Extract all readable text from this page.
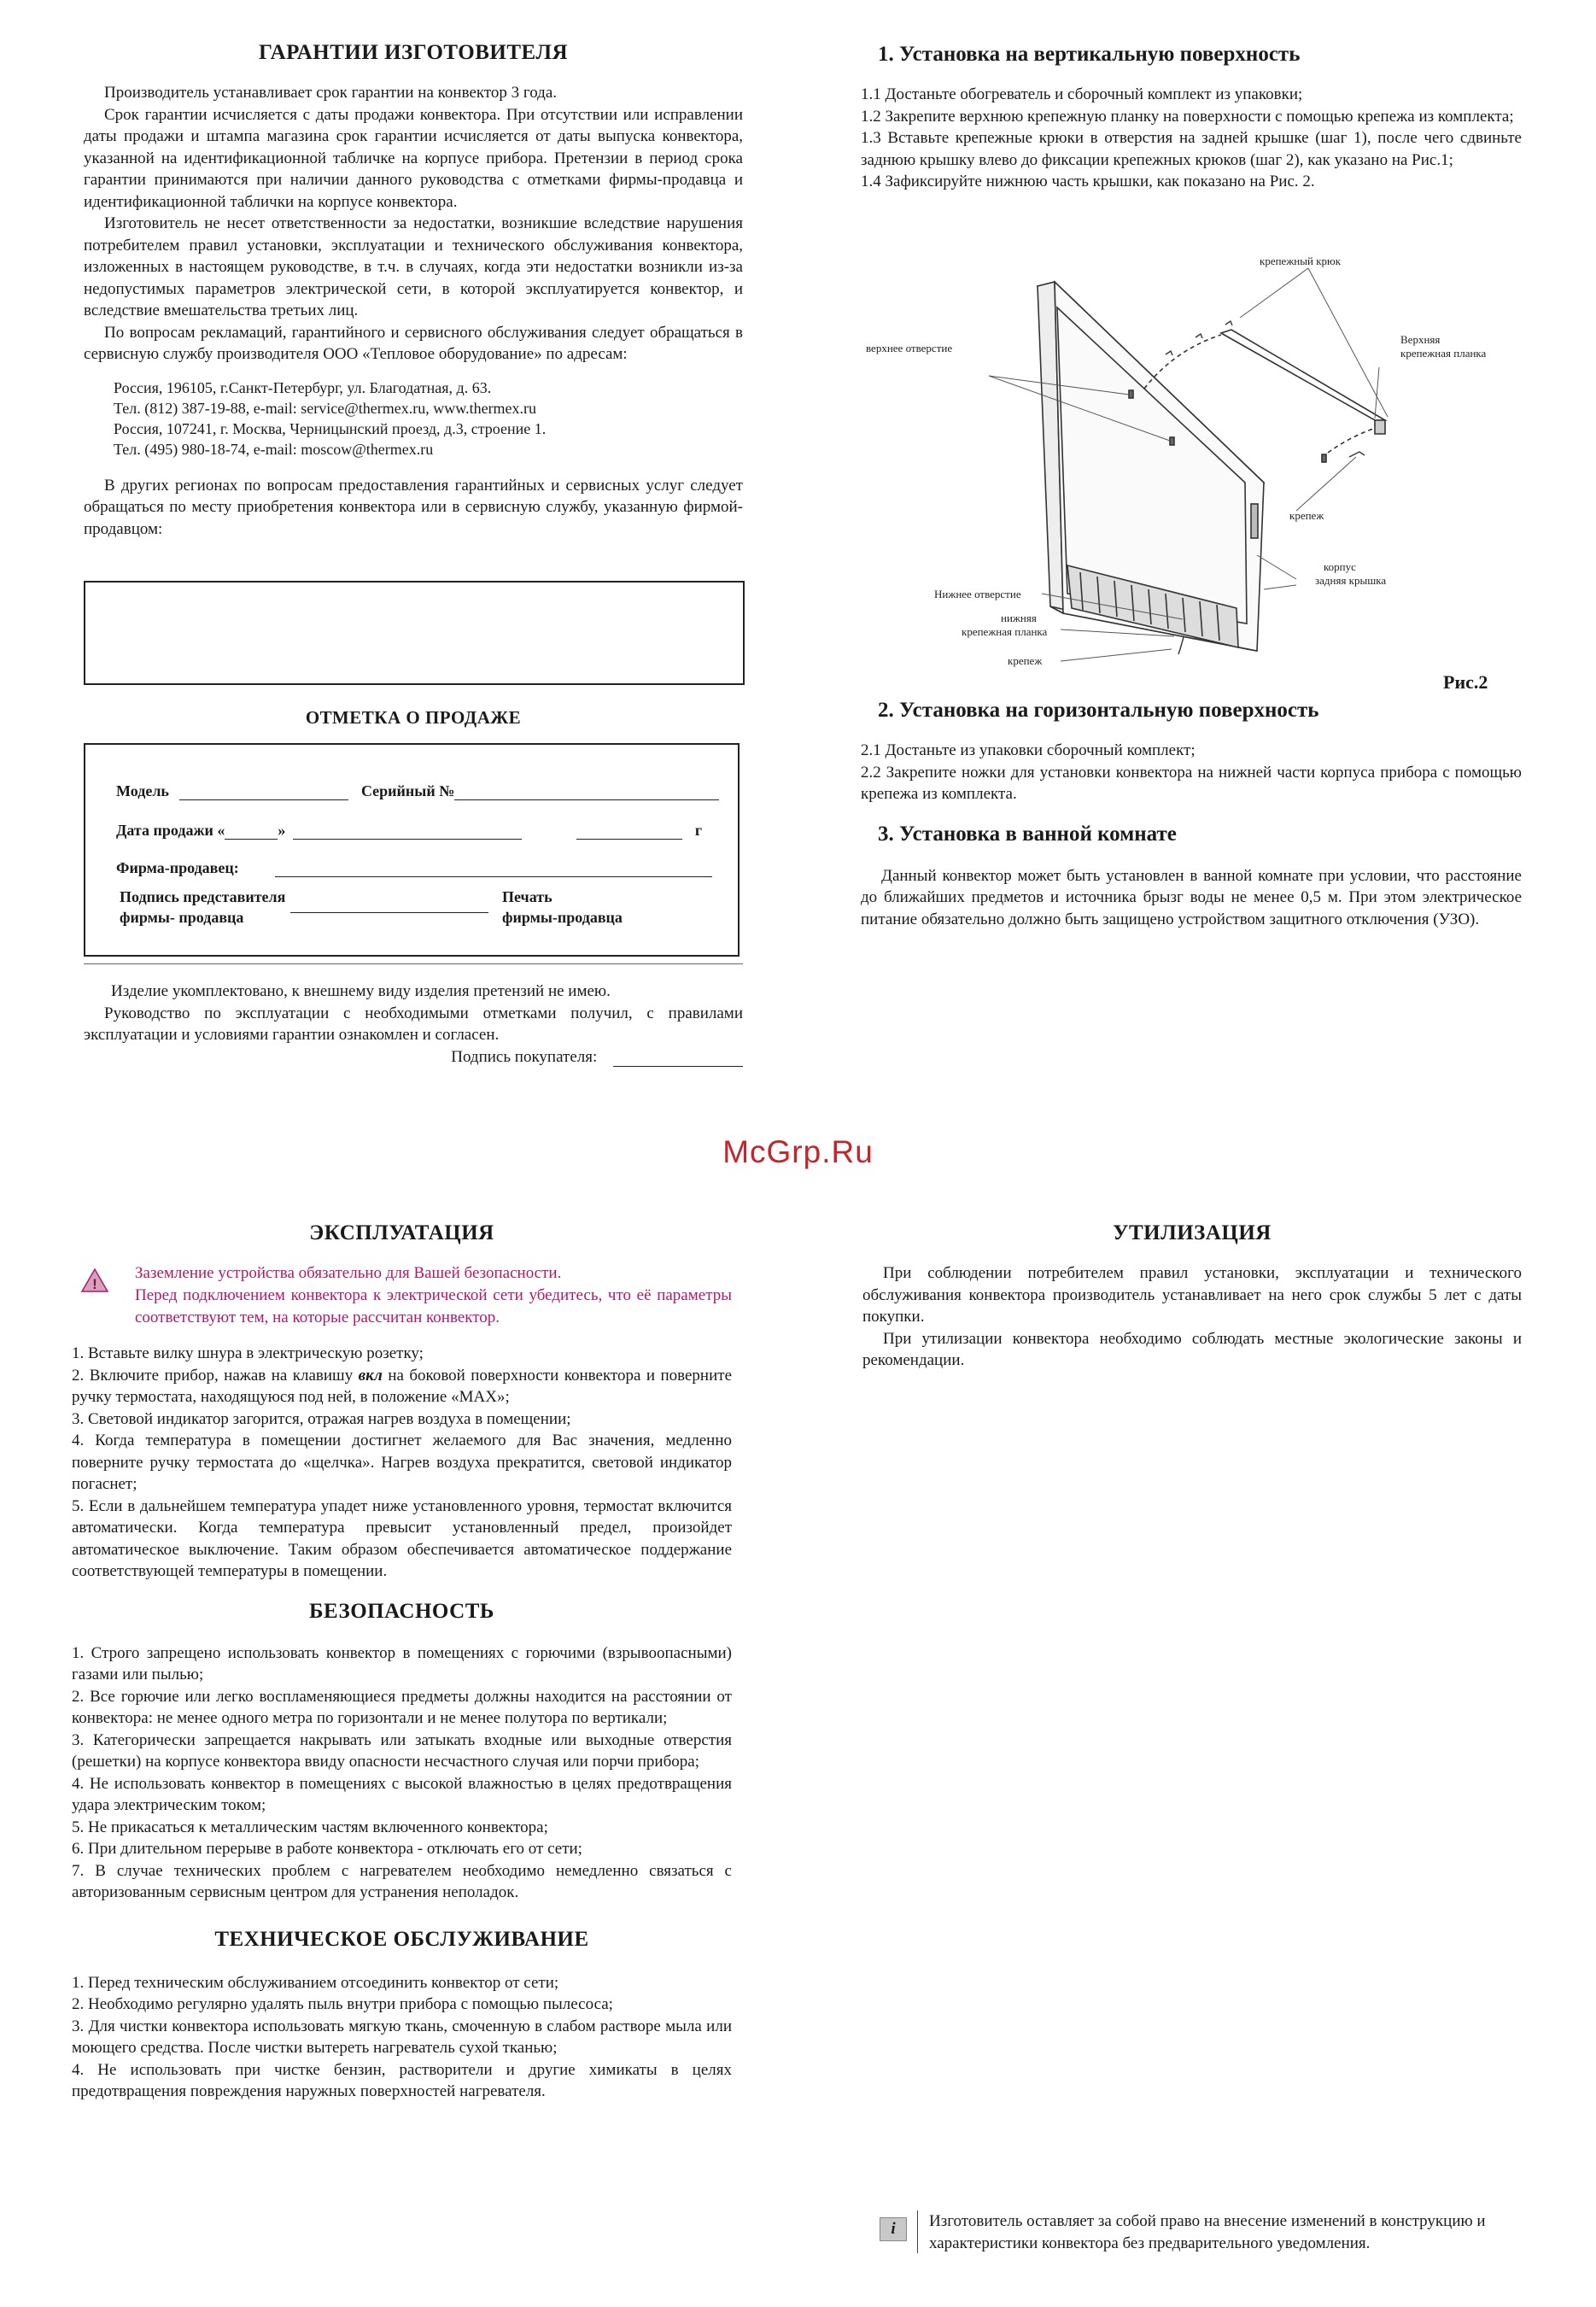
ГАРАНТИИ ИЗГОТОВИТЕЛЯ

Производитель устанавливает срок гарантии на конвектор 3 года.

Срок гарантии исчисляется с даты продажи конвектора. При отсутствии или исправлении даты продажи и штампа магазина срок гарантии исчисляется от даты выпуска конвектора, указанной на идентификационной табличке на корпусе прибора. Претензии в период срока гарантии принимаются при наличии данного руководства с отметками фирмы-продавца и идентификационной таблички на корпусе конвектора.

Изготовитель не несет ответственности за недостатки, возникшие вследствие нарушения потребителем правил установки, эксплуатации и технического обслуживания конвектора, изложенных в настоящем руководстве, в т.ч. в случаях, когда эти недостатки возникли из-за недопустимых параметров электрической сети, в которой эксплуатируется конвектор, и вследствие вмешательства третьих лиц.

По вопросам рекламаций, гарантийного и сервисного обслуживания следует обращаться в сервисную службу производителя ООО «Тепловое оборудование» по адресам:

Россия, 196105, г.Санкт-Петербург, ул. Благодатная, д. 63.

Тел. (812) 387-19-88, e-mail: service@thermex.ru, www.thermex.ru

Россия, 107241, г. Москва, Черницынский проезд, д.3, строение 1.

Тел. (495) 980-18-74, e-mail: moscow@thermex.ru

В других регионах по вопросам предоставления гарантийных и сервисных услуг следует обращаться по месту приобретения конвектора или в сервисную службу, указанную фирмой-продавцом:

ОТМЕТКА О ПРОДАЖЕ
Модель	Серийный №
Дата продажи «	»	г
Фирма-продавец:
Подпись представителя
фирмы- продавца
Печать
фирмы-продавца

Изделие укомплектовано, к внешнему виду изделия претензий не имею.

Руководство по эксплуатации с необходимыми отметками получил, с правилами эксплуатации и условиями гарантии ознакомлен и согласен.

Подпись покупателя:
1. Установка на вертикальную поверхность

1.1 Достаньте обогреватель и сборочный комплект из упаковки;

1.2 Закрепите верхнюю крепежную планку на поверхности с помощью крепежа из комплекта;

1.3 Вставьте крепежные крюки в отверстия на задней крышке (шаг 1), после чего сдвиньте заднюю крышку влево до фиксации крепежных крюков (шаг 2), как указано на Рис.1;

1.4 Зафиксируйте нижнюю часть крышки, как показано на Рис. 2.

крепежный крюк
верхнее отверстие
Верхняя
крепежная планка
крепеж
корпус
задняя крышка
Нижнее отверстие
нижняя
крепежная планка
крепеж
Рис.2
2. Установка на горизонтальную поверхность

2.1 Достаньте из упаковки сборочный комплект;

2.2 Закрепите ножки для установки конвектора на нижней части корпуса прибора с помощью крепежа из комплекта.

3. Установка в ванной комнате

Данный конвектор может быть установлен в ванной комнате при условии, что расстояние до ближайших предметов и источника брызг воды не менее 0,5 м. При этом электрическое питание обязательно должно быть защищено устройством защитного отключения (УЗО).

McGrp.Ru
ЭКСПЛУАТАЦИЯ
!

Заземление устройства обязательно для Вашей безопасности.

Перед подключением конвектора к электрической сети убедитесь, что её параметры соответствуют тем, на которые рассчитан конвектор.

1. Вставьте вилку шнура в электрическую розетку;

2. Включите прибор, нажав на клавишу вкл на боковой поверхности конвектора и поверните ручку термостата, находящуюся под ней, в положение «MAX»;

3. Световой индикатор загорится, отражая нагрев воздуха в помещении;

4. Когда температура в помещении достигнет желаемого для Вас значения, медленно поверните ручку термостата до «щелчка». Нагрев воздуха прекратится, световой индикатор погаснет;

5. Если в дальнейшем температура упадет ниже установленного уровня, термостат включится автоматически. Когда температура превысит установленный предел, произойдет автоматическое выключение. Таким образом обеспечивается автоматическое поддержание соответствующей температуры в помещении.

БЕЗОПАСНОСТЬ

1. Строго запрещено использовать конвектор в помещениях с горючими (взрывоопасными) газами или пылью;

2. Все горючие или легко воспламеняющиеся предметы должны находится на расстоянии от конвектора: не менее одного метра по горизонтали и не менее полутора по вертикали;

3. Категорически запрещается накрывать или затыкать входные или выходные отверстия (решетки) на корпусе конвектора ввиду опасности несчастного случая или порчи прибора;

4. Не использовать конвектор в помещениях с высокой влажностью в целях предотвращения удара электрическим током;

5. Не прикасаться к металлическим частям включенного конвектора;

6. При длительном перерыве в работе конвектора - отключать его от сети;

7. В случае технических проблем с нагревателем необходимо немедленно связаться с авторизованным сервисным центром для устранения неполадок.

ТЕХНИЧЕСКОЕ ОБСЛУЖИВАНИЕ

1. Перед техническим обслуживанием отсоединить конвектор от сети;

2. Необходимо регулярно удалять пыль внутри прибора с помощью пылесоса;

3. Для чистки конвектора использовать мягкую ткань, смоченную в слабом растворе мыла или моющего средства. После чистки вытереть нагреватель сухой тканью;

4. Не использовать при чистке бензин, растворители и другие химикаты в целях предотвращения повреждения наружных поверхностей нагревателя.

УТИЛИЗАЦИЯ

При соблюдении потребителем правил установки, эксплуатации и технического обслуживания конвектора производитель устанавливает на него срок службы 5 лет с даты покупки.

При утилизации конвектора необходимо соблюдать местные экологические законы и рекомендации.

i	Изготовитель оставляет за собой право на внесение изменений в конструкцию и характеристики конвектора без предварительного уведомления.
